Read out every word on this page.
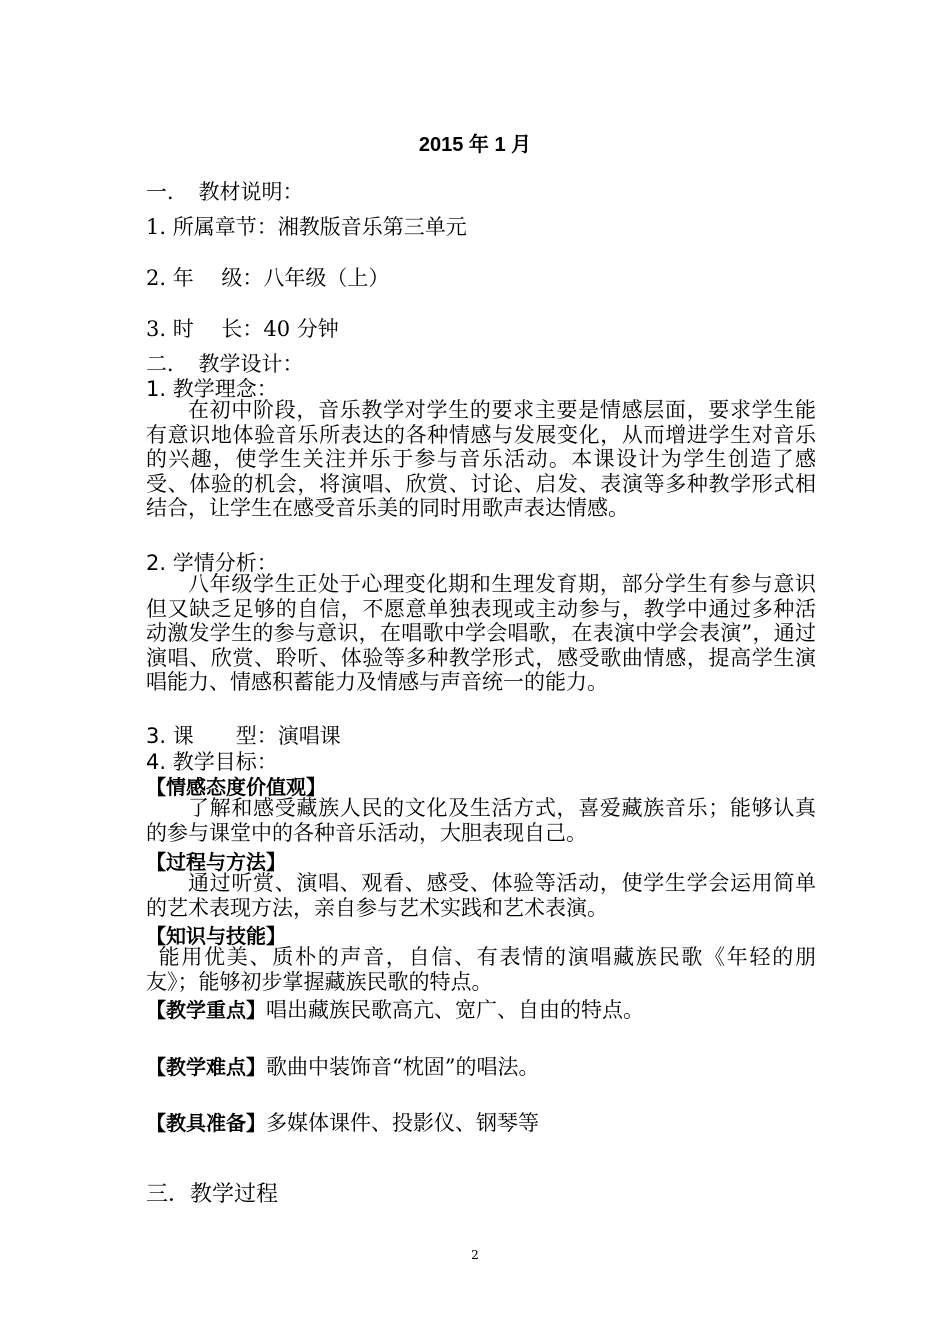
2015 年 1 月
一．　教材说明：
1. 所属章节：湘教版音乐第三单元
2. 年　 级：八年级（上）
3. 时　 长：40 分钟
二．　教学设计：
1. 教学理念：
在初中阶段，音乐教学对学生的要求主要是情感层面，要求学生能有意识地体验音乐所表达的各种情感与发展变化，从而增进学生对音乐的兴趣，使学生关注并乐于参与音乐活动。本课设计为学生创造了感受、体验的机会，将演唱、欣赏、讨论、启发、表演等多种教学形式相结合，让学生在感受音乐美的同时用歌声表达情感。
2. 学情分析：
八年级学生正处于心理变化期和生理发育期，部分学生有参与意识但又缺乏足够的自信，不愿意单独表现或主动参与，教学中通过多种活动激发学生的参与意识，在唱歌中学会唱歌，在表演中学会表演”，通过演唱、欣赏、聆听、体验等多种教学形式，感受歌曲情感，提高学生演唱能力、情感积蓄能力及情感与声音统一的能力。
3. 课　　型：演唱课
4. 教学目标：
【情感态度价值观】
了解和感受藏族人民的文化及生活方式，喜爱藏族音乐；能够认真的参与课堂中的各种音乐活动，大胆表现自己。
【过程与方法】
通过听赏、演唱、观看、感受、体验等活动，使学生学会运用简单的艺术表现方法，亲自参与艺术实践和艺术表演。
【知识与技能】
能用优美、质朴的声音，自信、有表情的演唱藏族民歌《年轻的朋友》；能够初步掌握藏族民歌的特点。
【教学重点】唱出藏族民歌高亢、宽广、自由的特点。
【教学难点】歌曲中装饰音“枕固”的唱法。
【教具准备】多媒体课件、投影仪、钢琴等
三．教学过程
2
